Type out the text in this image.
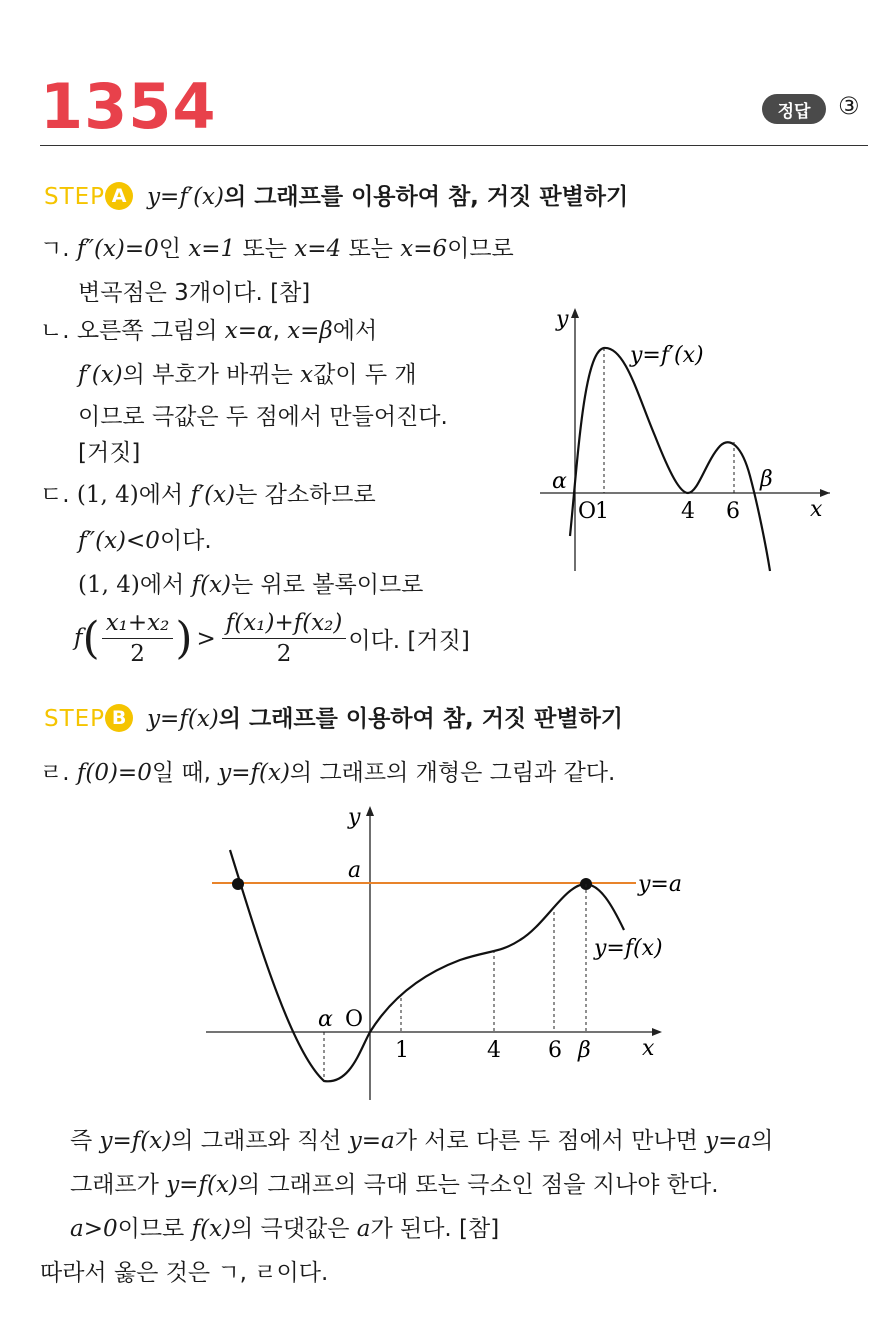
1354	정답	③
STEP A y=f′(x)의 그래프를 이용하여 참, 거짓 판별하기
ㄱ. f″(x)=0인 x=1 또는 x=4 또는 x=6이므로
변곡점은 3개이다. [참]
ㄴ. 오른쪽 그림의 x=α, x=β에서
f′(x)의 부호가 바뀌는 x값이 두 개
이므로 극값은 두 점에서 만들어진다.
[거짓]
ㄷ. (1, 4)에서 f′(x)는 감소하므로
f″(x)<0이다.
(1, 4)에서 f(x)는 위로 볼록이므로
$f( \frac{\text{x₁+x₂}}{2}$ ) > $\frac{\text{f(x₁)+f(x₂)}}{2}$ 이다. [거짓]
y
x
y=f′(x)
α	β
O
1	4 6
STEP B y=f(x)의 그래프를 이용하여 참, 거짓 판별하기
ㄹ. f(0)=0일 때, y=f(x)의 그래프의 개형은 그림과 같다.
y
x
a
y=a
y=f(x)
α O
1	4 6 β
즉 y=f(x)의 그래프와 직선 y=a가 서로 다른 두 점에서 만나면 y=a의
그래프가 y=f(x)의 그래프의 극대 또는 극소인 점을 지나야 한다.
a>0이므로 f(x)의 극댓값은 a가 된다. [참]
따라서 옳은 것은 ㄱ, ㄹ이다.
